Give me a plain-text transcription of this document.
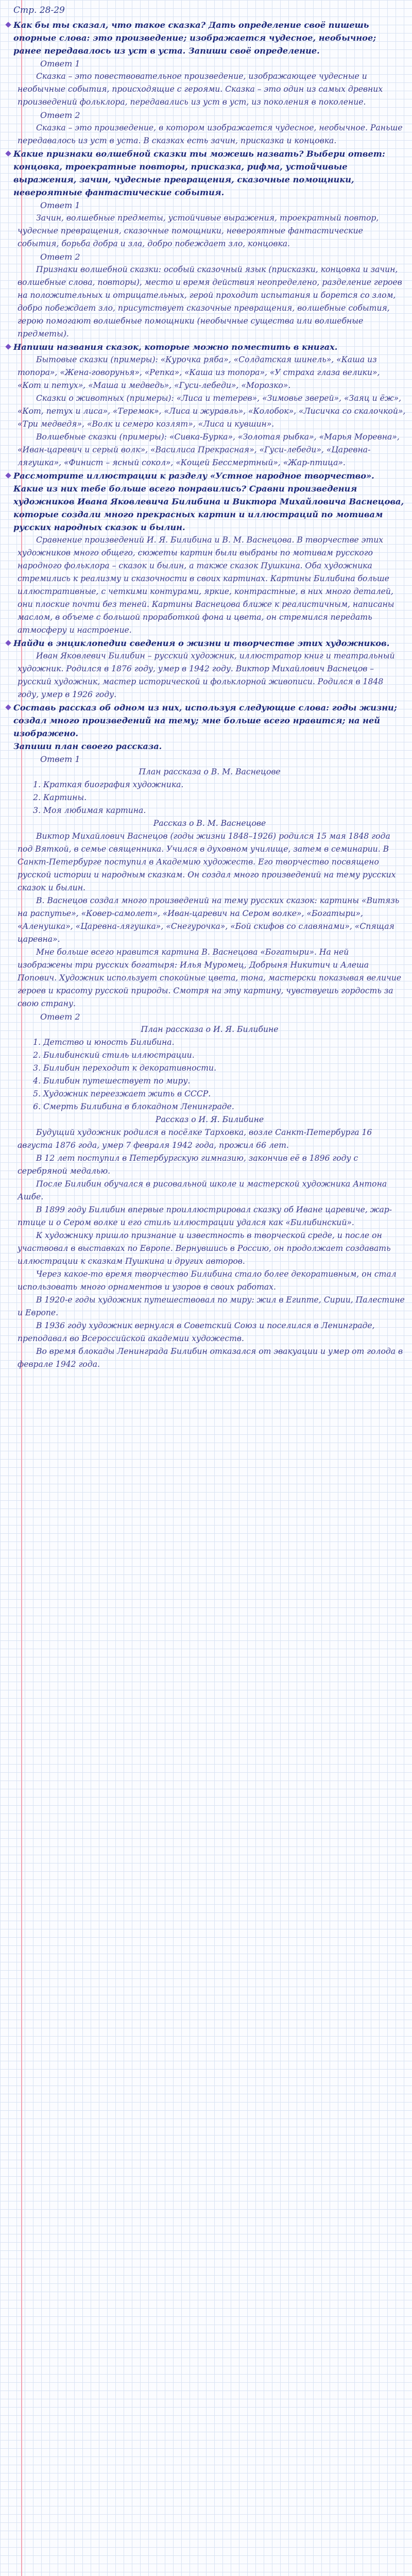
Стр. 28-29

Как бы ты сказал, что такое сказка? Дать определение своё пишешь опорные слова: это произведение; изображается чудесное, необычное; ранее передавалось из уст в уста. Запиши своё определение.

Ответ 1

Сказка – это повествовательное произведение, изображающее чудесные и необычные события, происходящие с героями. Сказка – это один из самых древних произведений фольклора, передавались из уст в уст, из поколения в поколение.

Ответ 2

Сказка – это произведение, в котором изображается чудесное, необычное. Раньше передавалось из уст в уста. В сказках есть зачин, присказка и концовка.

Какие признаки волшебной сказки ты можешь назвать? Выбери ответ: концовка, троекратные повторы, присказка, рифма, устойчивые выражения, зачин, чудесные превращения, сказочные помощники, невероятные фантастические события.

Ответ 1

Зачин, волшебные предметы, устойчивые выражения, троекратный повтор, чудесные превращения, сказочные помощники, невероятные фантастические события, борьба добра и зла, добро побеждает зло, концовка.

Ответ 2

Признаки волшебной сказки: особый сказочный язык (присказки, концовка и зачин, волшебные слова, повторы), место и время действия неопределено, разделение героев на положительных и отрицательных, герой проходит испытания и борется со злом, добро побеждает зло, присутствует сказочные превращения, волшебные события, герою помогают волшебные помощники (необычные существа или волшебные предметы).

Напиши названия сказок, которые можно поместить в книгах.

Бытовые сказки (примеры): «Курочка ряба», «Солдатская шинель», «Каша из топора», «Жена-говорунья», «Репка», «Каша из топора», «У страха глаза велики», «Кот и петух», «Маша и медведь», «Гуси-лебеди», «Морозко».

Сказки о животных (примеры): «Лиса и тетерев», «Зимовье зверей», «Заяц и ёж», «Кот, петух и лиса», «Теремок», «Лиса и журавль», «Колобок», «Лисичка со скалочкой», «Три медведя», «Волк и семеро козлят», «Лиса и кувшин».

Волшебные сказки (примеры): «Сивка-Бурка», «Золотая рыбка», «Марья Моревна», «Иван-царевич и серый волк», «Василиса Прекрасная», «Гуси-лебеди», «Царевна-лягушка», «Финист – ясный сокол», «Кощей Бессмертный», «Жар-птица».

Рассмотрите иллюстрации к разделу «Устное народное творчество». Какие из них тебе больше всего понравились? Сравни произведения художников Ивана Яковлевича Билибина и Виктора Михайловича Васнецова, которые создали много прекрасных картин и иллюстраций по мотивам русских народных сказок и былин.

Сравнение произведений И. Я. Билибина и В. М. Васнецова. В творчестве этих художников много общего, сюжеты картин были выбраны по мотивам русского народного фольклора – сказок и былин, а также сказок Пушкина. Оба художника стремились к реализму и сказочности в своих картинах. Картины Билибина больше иллюстративные, с четкими контурами, яркие, контрастные, в них много деталей, они плоские почти без теней. Картины Васнецова ближе к реалистичным, написаны маслом, в объеме с большой проработкой фона и цвета, он стремился передать атмосферу и настроение.

Найди в энциклопедии сведения о жизни и творчестве этих художников.

Иван Яковлевич Билибин – русский художник, иллюстратор книг и театральный художник. Родился в 1876 году, умер в 1942 году. Виктор Михайлович Васнецов – русский художник, мастер исторической и фольклорной живописи. Родился в 1848 году, умер в 1926 году.

Составь рассказ об одном из них, используя следующие слова: годы жизни; создал много произведений на тему; мне больше всего нравится; на ней изображено.

Запиши план своего рассказа.

Ответ 1

План рассказа о В. М. Васнецове

1. Краткая биография художника.
2. Картины.
3. Моя любимая картина.

Рассказ о В. М. Васнецове

Виктор Михайлович Васнецов (годы жизни 1848–1926) родился 15 мая 1848 года под Вяткой, в семье священника. Учился в духовном училище, затем в семинарии. В Санкт-Петербурге поступил в Академию художеств. Его творчество посвящено русской истории и народным сказкам. Он создал много произведений на тему русских сказок и былин.

В. Васнецов создал много произведений на тему русских сказок: картины «Витязь на распутье», «Ковер-самолет», «Иван-царевич на Сером волке», «Богатыри», «Аленушка», «Царевна-лягушка», «Снегурочка», «Бой скифов со славянами», «Спящая царевна».

Мне больше всего нравится картина В. Васнецова «Богатыри». На ней изображены три русских богатыря: Илья Муромец, Добрыня Никитич и Алеша Попович. Художник использует спокойные цвета, тона, мастерски показывая величие героев и красоту русской природы. Смотря на эту картину, чувствуешь гордость за свою страну.

Ответ 2

План рассказа о И. Я. Билибине

1. Детство и юность Билибина.
2. Билибинский стиль иллюстрации.
3. Билибин переходит к декоративности.
4. Билибин путешествует по миру.
5. Художник переезжает жить в СССР.
6. Смерть Билибина в блокадном Ленинграде.

Рассказ о И. Я. Билибине

Будущий художник родился в посёлке Тарховка, возле Санкт-Петербурга 16 августа 1876 года, умер 7 февраля 1942 года, прожил 66 лет.

В 12 лет поступил в Петербургскую гимназию, закончив её в 1896 году с серебряной медалью.

После Билибин обучался в рисовальной школе и мастерской художника Антона Ашбе.

В 1899 году Билибин впервые проиллюстрировал сказку об Иване царевиче, жар-птице и о Сером волке и его стиль иллюстрации удался как «Билибинский».

К художнику пришло признание и известность в творческой среде, и после он участвовал в выставках по Европе. Вернувшись в Россию, он продолжает создавать иллюстрации к сказкам Пушкина и других авторов.

Через какое-то время творчество Билибина стало более декоративным, он стал использовать много орнаментов и узоров в своих работах.

В 1920-е годы художник путешествовал по миру: жил в Египте, Сирии, Палестине и Европе.

В 1936 году художник вернулся в Советский Союз и поселился в Ленинграде, преподавал во Всероссийской академии художеств.

Во время блокады Ленинграда Билибин отказался от эвакуации и умер от голода в феврале 1942 года.
